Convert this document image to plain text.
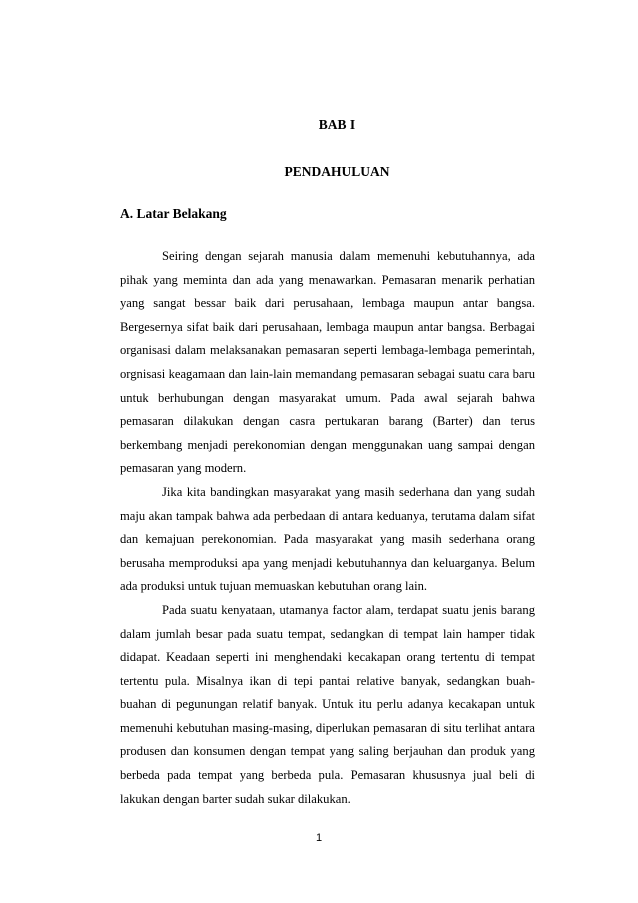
BAB I
PENDAHULUAN
A. Latar Belakang

Seiring dengan sejarah manusia dalam memenuhi kebutuhannya, ada pihak yang meminta dan ada yang menawarkan. Pemasaran menarik perhatian yang sangat bessar baik dari perusahaan, lembaga maupun antar bangsa. Bergesernya sifat baik dari perusahaan, lembaga maupun antar bangsa. Berbagai organisasi dalam melaksanakan pemasaran seperti lembaga-lembaga pemerintah, orgnisasi keagamaan dan lain-lain memandang pemasaran sebagai suatu cara baru untuk berhubungan dengan masyarakat umum. Pada awal sejarah bahwa pemasaran dilakukan dengan casra pertukaran barang (Barter) dan terus berkembang menjadi perekonomian dengan menggunakan uang sampai dengan pemasaran yang modern.

Jika kita bandingkan masyarakat yang masih sederhana dan yang sudah maju akan tampak bahwa ada perbedaan di antara keduanya, terutama dalam sifat dan kemajuan perekonomian. Pada masyarakat yang masih sederhana orang berusaha memproduksi apa yang menjadi kebutuhannya dan keluarganya. Belum ada produksi untuk tujuan memuaskan kebutuhan orang lain.

Pada suatu kenyataan, utamanya factor alam, terdapat suatu jenis barang dalam jumlah besar pada suatu tempat, sedangkan di tempat lain hamper tidak didapat. Keadaan seperti ini menghendaki kecakapan orang tertentu di tempat tertentu pula. Misalnya ikan di tepi pantai relative banyak, sedangkan buah-buahan di pegunungan relatif banyak. Untuk itu perlu adanya kecakapan untuk memenuhi kebutuhan masing-masing, diperlukan pemasaran di situ terlihat antara produsen dan konsumen dengan tempat yang saling berjauhan dan produk yang berbeda pada tempat yang berbeda pula. Pemasaran khususnya jual beli di lakukan dengan barter sudah sukar dilakukan.

1
